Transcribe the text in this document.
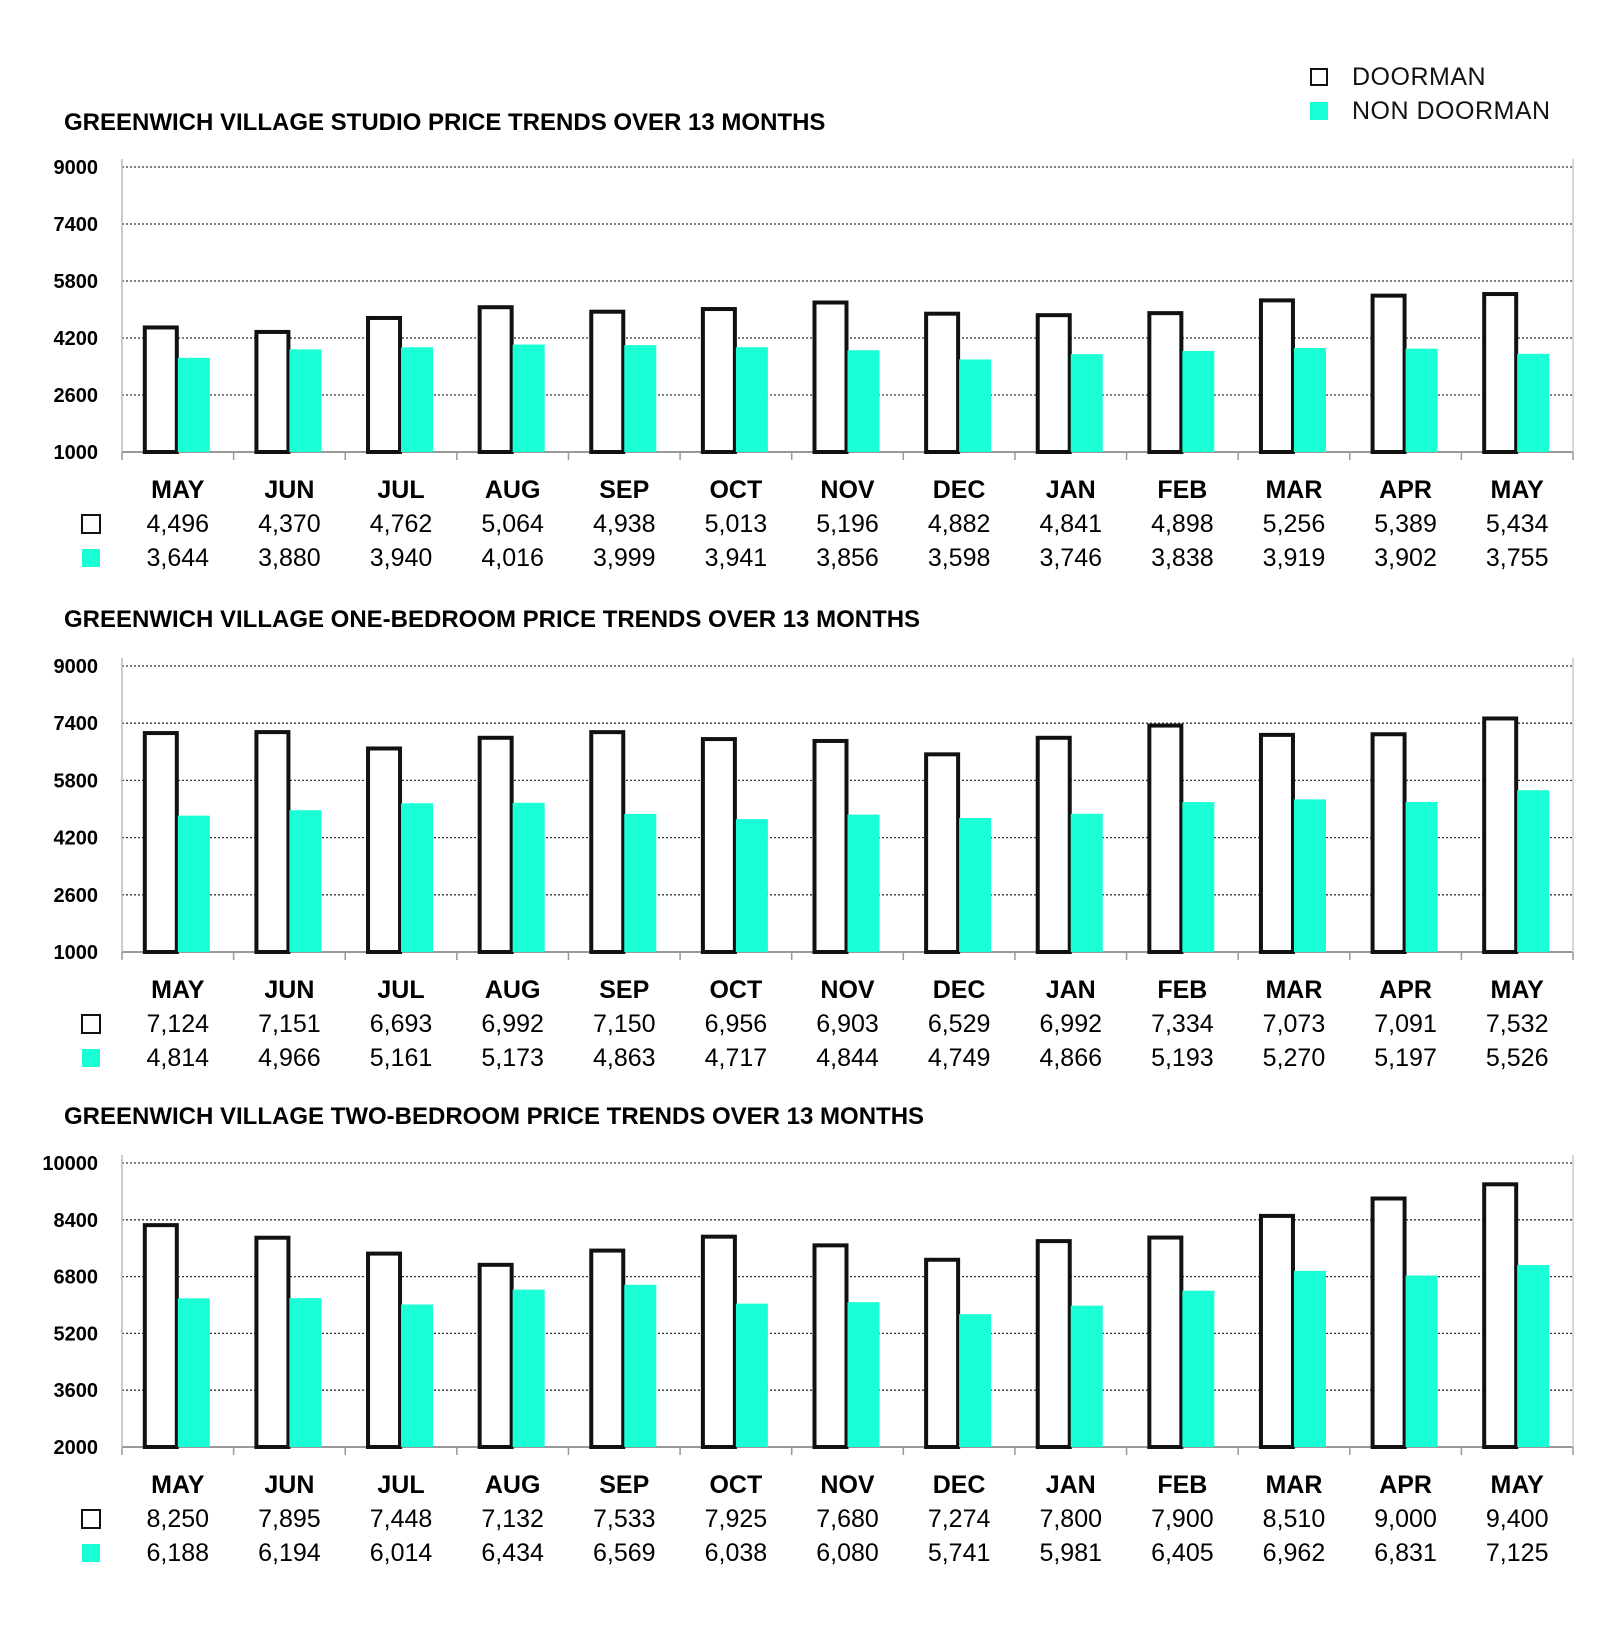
DOORMAN
NON DOORMAN
GREENWICH VILLAGE STUDIO PRICE TRENDS OVER 13 MONTHS
1000
2600
4200
5800
7400
9000
MAY
4,496
3,644
JUN
4,370
3,880
JUL
4,762
3,940
AUG
5,064
4,016
SEP
4,938
3,999
OCT
5,013
3,941
NOV
5,196
3,856
DEC
4,882
3,598
JAN
4,841
3,746
FEB
4,898
3,838
MAR
5,256
3,919
APR
5,389
3,902
MAY
5,434
3,755
GREENWICH VILLAGE ONE-BEDROOM PRICE TRENDS OVER 13 MONTHS
1000
2600
4200
5800
7400
9000
MAY
7,124
4,814
JUN
7,151
4,966
JUL
6,693
5,161
AUG
6,992
5,173
SEP
7,150
4,863
OCT
6,956
4,717
NOV
6,903
4,844
DEC
6,529
4,749
JAN
6,992
4,866
FEB
7,334
5,193
MAR
7,073
5,270
APR
7,091
5,197
MAY
7,532
5,526
GREENWICH VILLAGE TWO-BEDROOM PRICE TRENDS OVER 13 MONTHS
2000
3600
5200
6800
8400
10000
MAY
8,250
6,188
JUN
7,895
6,194
JUL
7,448
6,014
AUG
7,132
6,434
SEP
7,533
6,569
OCT
7,925
6,038
NOV
7,680
6,080
DEC
7,274
5,741
JAN
7,800
5,981
FEB
7,900
6,405
MAR
8,510
6,962
APR
9,000
6,831
MAY
9,400
7,125
